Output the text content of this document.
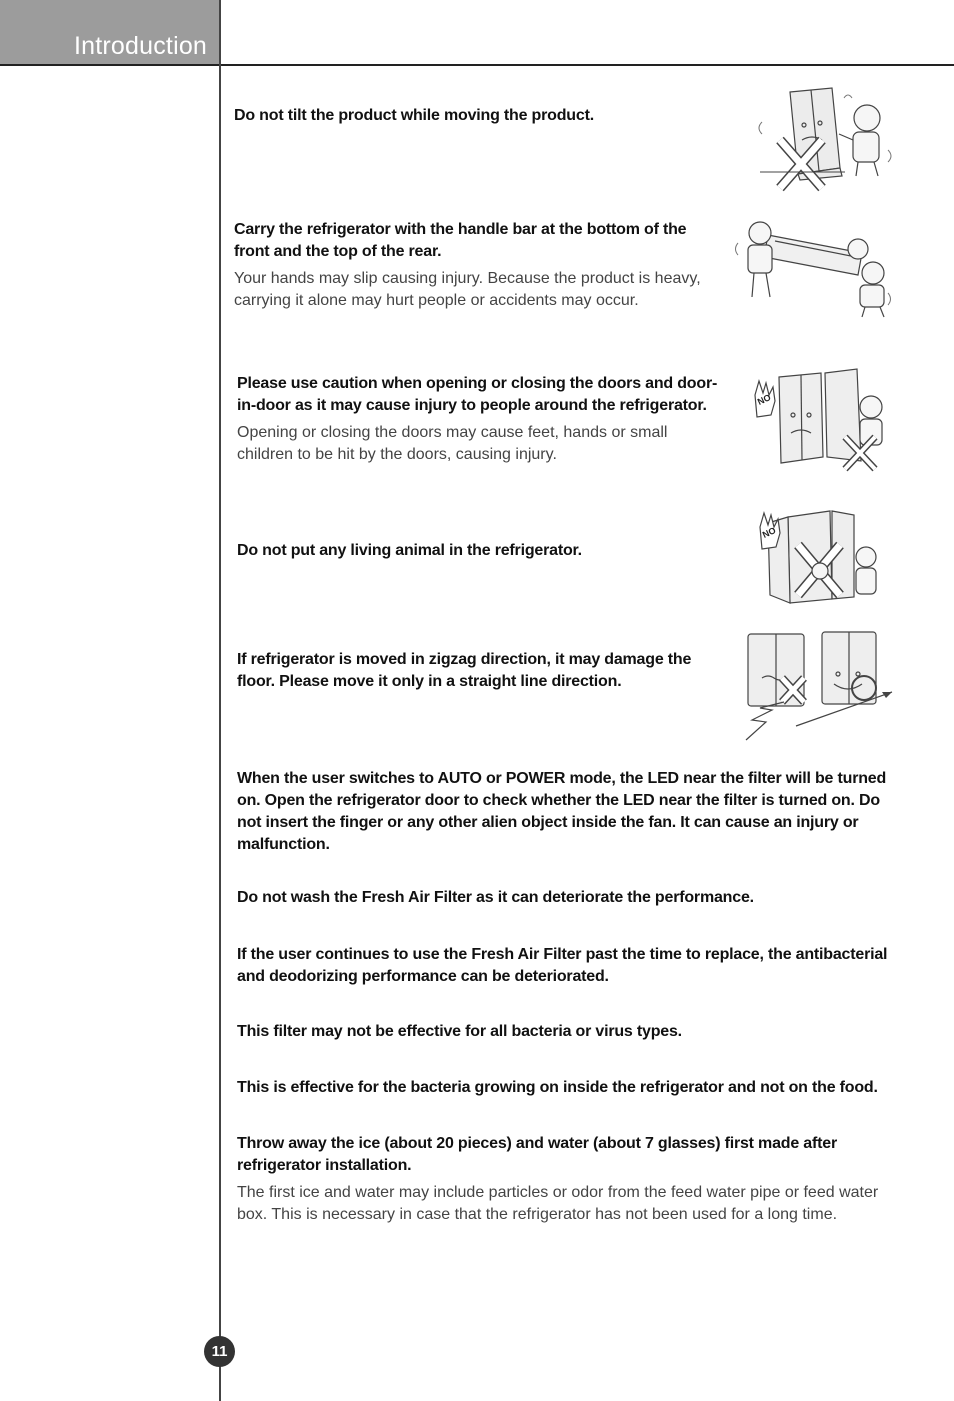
Introduction

Do not tilt the product while moving the product.

Carry the refrigerator with the handle bar at the bottom of the front and the top of the rear.

Your hands may slip causing injury. Because the product is heavy, carrying it alone may hurt people or accidents may occur.

Please use caution when opening or closing the doors and door-in-door as it may cause injury to people around the refrigerator.

Opening or closing the doors may cause feet, hands or small children to be hit by the doors, causing injury.

Do not put any living animal in the refrigerator.

If refrigerator is moved in zigzag direction, it may damage the floor. Please move it only in a straight line direction.

When the user switches to AUTO or POWER mode, the LED near the filter will be turned on. Open the refrigerator door to check whether the LED near the filter is turned on. Do not insert the finger or any other alien object inside the fan. It can cause an injury or malfunction.

Do not wash the Fresh Air Filter as it can deteriorate the performance.

If the user continues to use the Fresh Air Filter past the time to replace, the antibacterial and deodorizing performance can be deteriorated.

This filter may not be effective for all bacteria or virus types.

This is effective for the bacteria growing on inside the refrigerator and not on the food.

Throw away the ice (about 20 pieces) and water (about 7 glasses) first made after refrigerator installation.

The first ice and water may include particles or odor from the feed water pipe or feed water box. This is necessary in case that the refrigerator has not been used for a long time.

NO
NO
11
